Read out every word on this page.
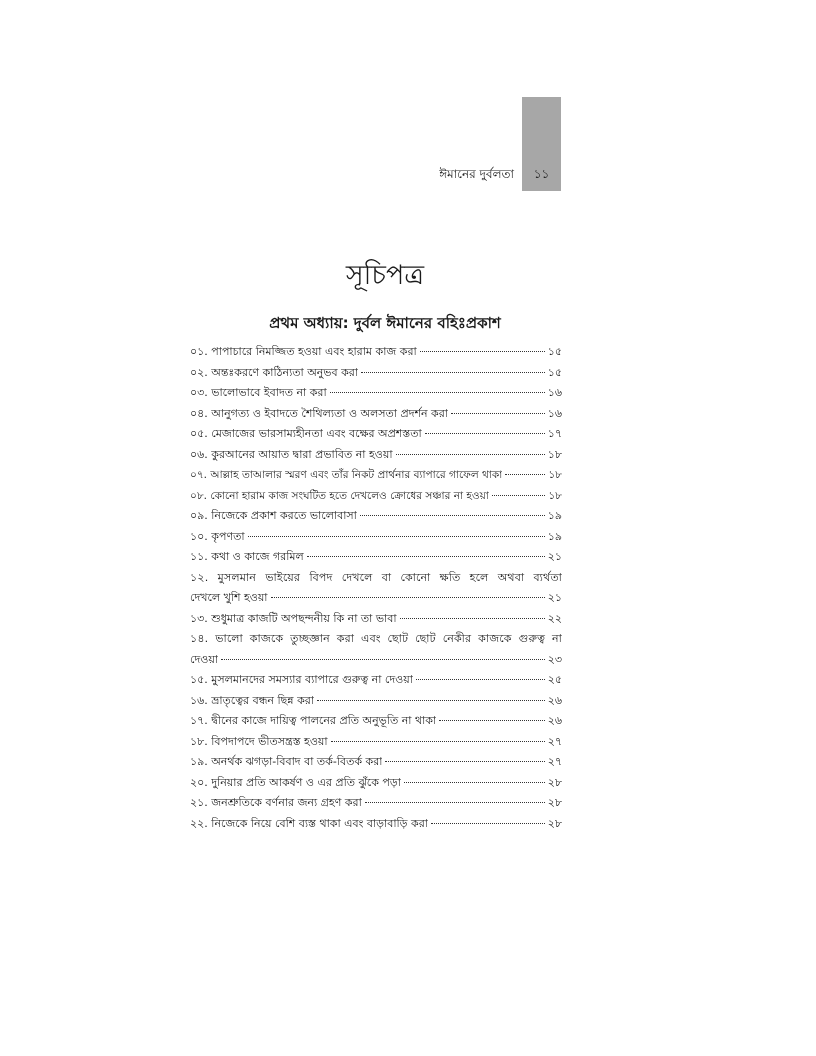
ঈমানের দুর্বলতা	১১
সূচিপত্র
প্রথম অধ্যায়: দুর্বল ঈমানের বহিঃপ্রকাশ
০১. পাপাচারে নিমজ্জিত হওয়া এবং হারাম কাজ করা	১৫
০২. অন্তঃকরণে কাঠিন্যতা অনুভব করা	১৫
০৩. ভালোভাবে ইবাদত না করা	১৬
০৪. আনুগত্য ও ইবাদতে শৈথিল্যতা ও অলসতা প্রদর্শন করা	১৬
০৫. মেজাজের ভারসাম্যহীনতা এবং বক্ষের অপ্রশস্ততা	১৭
০৬. কুরআনের আয়াত দ্বারা প্রভাবিত না হওয়া	১৮
০৭. আল্লাহ তাআলার স্মরণ এবং তাঁর নিকট প্রার্থনার ব্যাপারে গাফেল থাকা	১৮
০৮. কোনো হারাম কাজ সংঘটিত হতে দেখলেও ক্রোধের সঞ্চার না হওয়া	১৮
০৯. নিজেকে প্রকাশ করতে ভালোবাসা	১৯
১০. কৃপণতা	১৯
১১. কথা ও কাজে গরমিল	২১
১২. মুসলমান ভাইয়ের বিপদ দেখলে বা কোনো ক্ষতি হলে অথবা ব্যর্থতা
দেখলে খুশি হওয়া	২১
১৩. শুধুমাত্র কাজটি অপছন্দনীয় কি না তা ভাবা	২২
১৪. ভালো কাজকে তুচ্ছজ্ঞান করা এবং ছোট ছোট নেকীর কাজকে গুরুত্ব না
দেওয়া	২৩
১৫. মুসলমানদের সমস্যার ব্যাপারে গুরুত্ব না দেওয়া	২৫
১৬. ভ্রাতৃত্বের বন্ধন ছিন্ন করা	২৬
১৭. দ্বীনের কাজে দায়িত্ব পালনের প্রতি অনুভূতি না থাকা	২৬
১৮. বিপদাপদে ভীতসন্ত্রস্ত হওয়া	২৭
১৯. অনর্থক ঝগড়া-বিবাদ বা তর্ক-বিতর্ক করা	২৭
২০. দুনিয়ার প্রতি আকর্ষণ ও এর প্রতি ঝুঁকে পড়া	২৮
২১. জনশ্রুতিকে বর্ণনার জন্য গ্রহণ করা	২৮
২২. নিজেকে নিয়ে বেশি ব্যস্ত থাকা এবং বাড়াবাড়ি করা	২৮
